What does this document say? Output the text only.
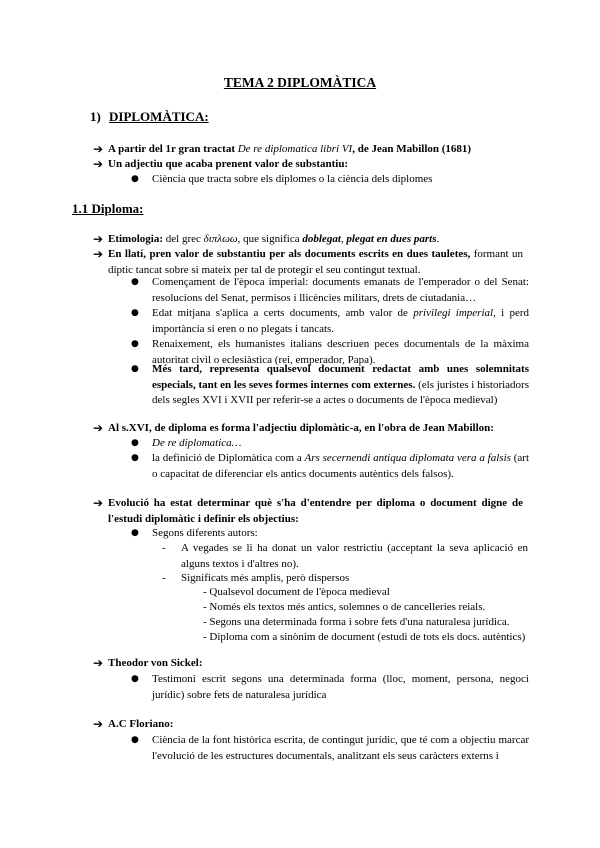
TEMA 2 DIPLOMÀTICA
1) DIPLOMÀTICA:
➔ A partir del 1r gran tractat De re diplomatica libri VI, de Jean Mabillon (1681)
➔ Un adjectiu que acaba prenent valor de substantiu:
● Ciència que tracta sobre els diplomes o la ciència dels diplomes
1.1 Diploma:
➔ Etimologia: del grec διπλωω, que significa doblegat, plegat en dues parts.
➔ En llatí, pren valor de substantiu per als documents escrits en dues tauletes, formant un díptic tancat sobre si mateix per tal de protegir el seu contingut textual.
● Començament de l'època imperial: documents emanats de l'emperador o del Senat: resolucions del Senat, permisos i llicències militars, drets de ciutadania…
● Edat mitjana s'aplica a certs documents, amb valor de privilegi imperial, i perd importància si eren o no plegats i tancats.
● Renaixement, els humanistes italians descriuen peces documentals de la màxima autoritat civil o eclesiàstica (rei, emperador, Papa).
● Més tard, representa qualsevol document redactat amb unes solemnitats especials, tant en les seves formes internes com externes. (els juristes i historiadors dels segles XVI i XVII per referir-se a actes o documents de l'època medieval)
➔ Al s.XVI, de diploma es forma l'adjectiu diplomàtic-a, en l'obra de Jean Mabillon:
● De re diplomatica…
● la definició de Diplomàtica com a Ars secernendi antiqua diplomata vera a falsis (art o capacitat de diferenciar els antics documents autèntics dels falsos).
➔ Evolució ha estat determinar què s'ha d'entendre per diploma o document digne de l'estudi diplomàtic i definir els objectius:
● Segons diferents autors:
- A vegades se li ha donat un valor restrictiu (acceptant la seva aplicació en alguns textos i d'altres no).
- Significats més amplis, però dispersos
- Qualsevol document de l'època medieval
- Només els textos més antics, solemnes o de cancelleries reials.
- Segons una determinada forma i sobre fets d'una naturalesa jurídica.
- Diploma com a sinònim de document (estudi de tots els docs. autèntics)
➔ Theodor von Sickel:
● Testimoni escrit segons una determinada forma (lloc, moment, persona, negoci jurídic) sobre fets de naturalesa jurídica
➔ A.C Floriano:
● Ciència de la font històrica escrita, de contingut jurídic, que té com a objectiu marcar l'evolució de les estructures documentals, analitzant els seus caràcters externs i
